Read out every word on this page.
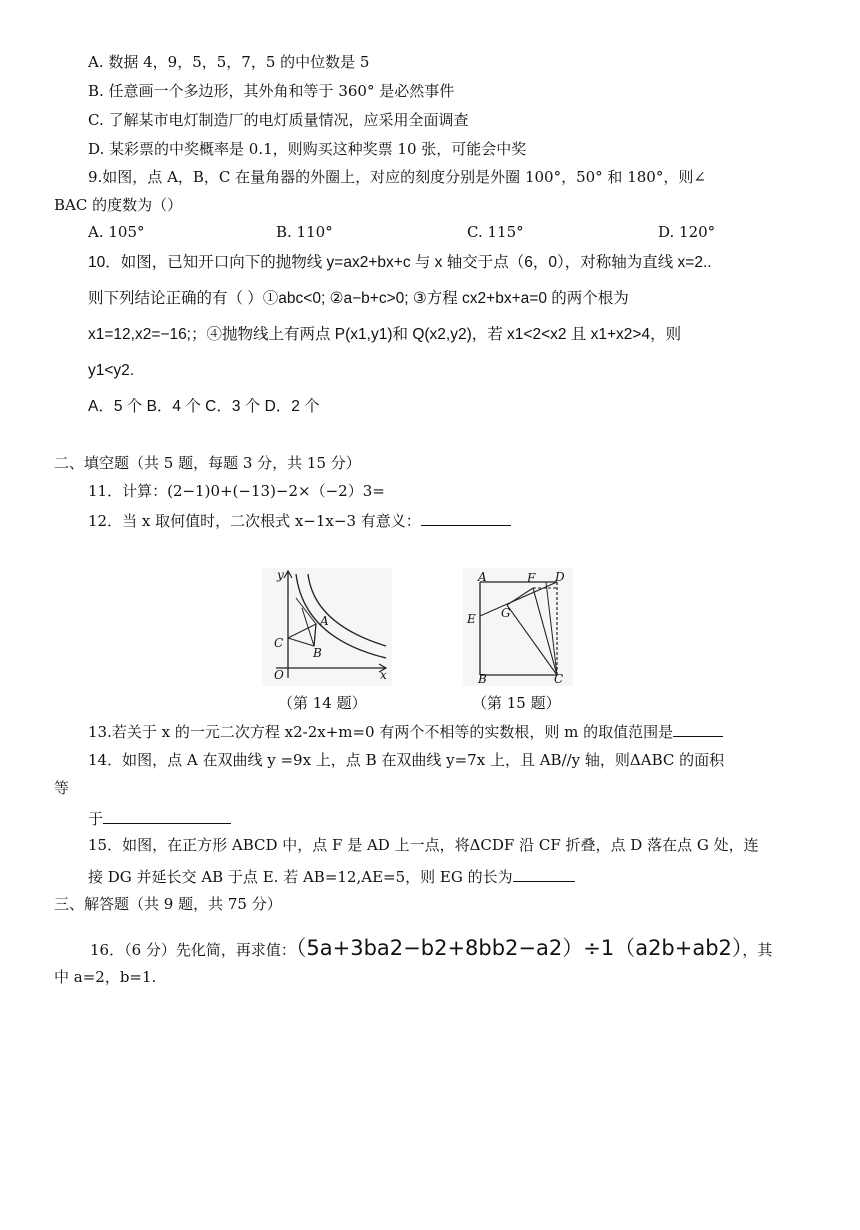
A. 数据 4，9，5，5，7，5 的中位数是 5
B. 任意画一个多边形，其外角和等于 360° 是必然事件
C. 了解某市电灯制造厂的电灯质量情况，应采用全面调查
D. 某彩票的中奖概率是 0.1，则购买这种奖票 10 张，可能会中奖
9.如图，点 A，B，C 在量角器的外圈上，对应的刻度分别是外圈 100°，50° 和 180°，则∠
BAC 的度数为（）
A. 105°	B. 110°	C. 115°	D. 120°
10．如图，已知开口向下的抛物线 y=ax2+bx+c 与 x 轴交于点（6，0），对称轴为直线 x=2..
则下列结论正确的有（ ）①abc<0; ②a−b+c>0; ③方程 cx2+bx+a=0 的两个根为
x1=12,x2=−16;；④抛物线上有两点 P(x1,y1)和 Q(x2,y2)，若 x1<2<x2 且 x1+x2>4，则
y1<y2.
A．5 个 B．4 个 C．3 个 D．2 个
二、填空题（共 5 题，每题 3 分，共 15 分）
11．计算：(2−1)0+(−13)−2×（−2）3=
12．当 x 取何值时，二次根式 x−1x−3 有意义：
y
x
O
A
B
C
（第 14 题）
A	F D
E G
B	C
（第 15 题）
13.若关于 x 的一元二次方程 x2-2x+m=0 有两个不相等的实数根，则 m 的取值范围是
14．如图，点 A 在双曲线 y =9x 上，点 B 在双曲线 y=7x 上，且 AB//y 轴，则ΔABC 的面积
等
于
15．如图，在正方形 ABCD 中，点 F 是 AD 上一点，将ΔCDF 沿 CF 折叠，点 D 落在点 G 处，连
接 DG 并延长交 AB 于点 E. 若 AB=12,AE=5，则 EG 的长为
三、解答题（共 9 题，共 75 分）
16．（6 分）先化简，再求值：（5a+3ba2−b2+8bb2−a2）÷1（a2b+ab2），其
中 a=2，b=1.
